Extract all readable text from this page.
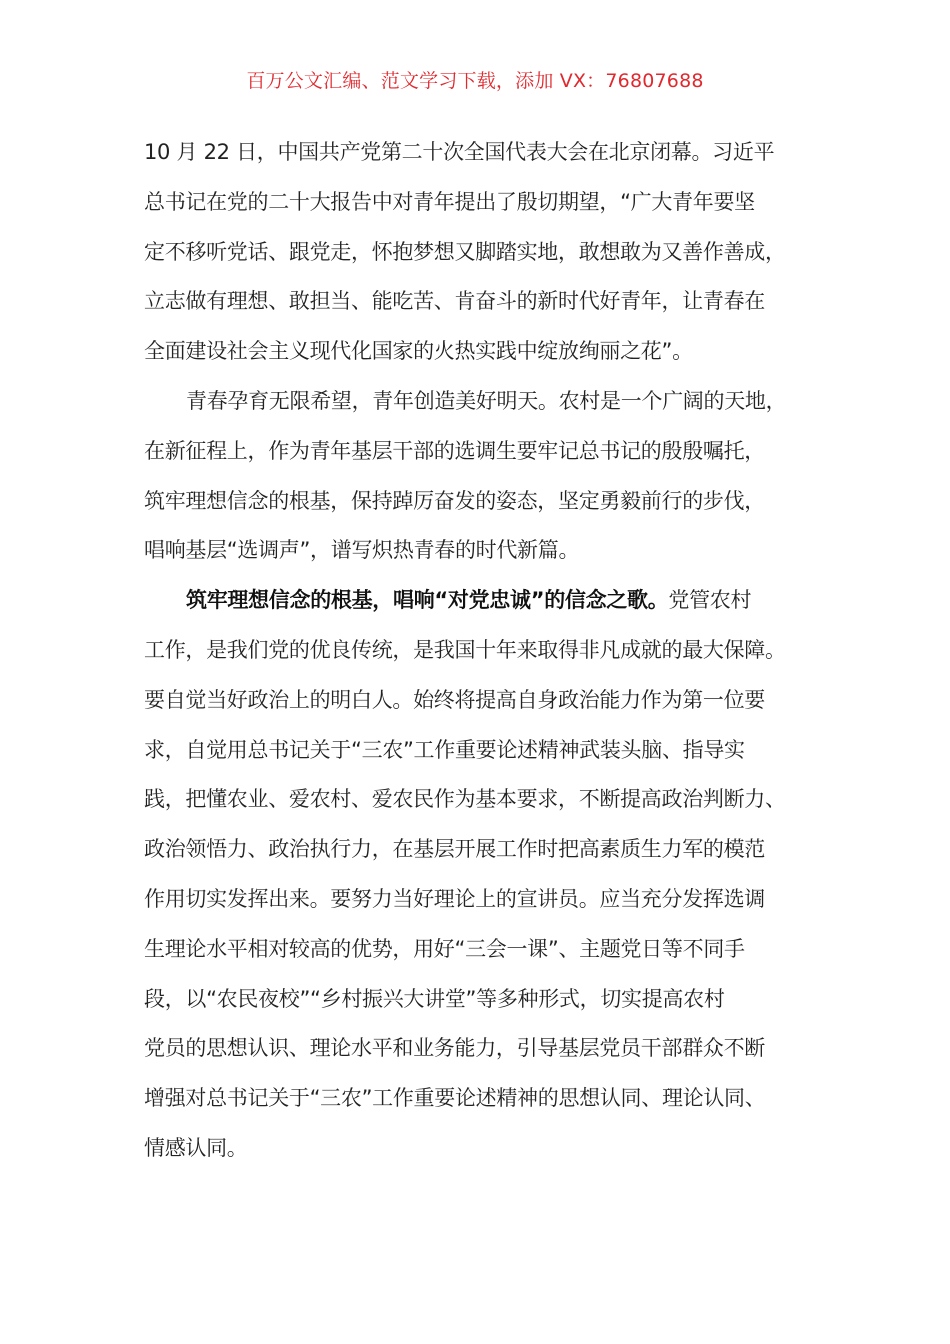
百万公文汇编、范文学习下载，添加 VX：76807688
10 月 22 日，中国共产党第二十次全国代表大会在北京闭幕。习近平
总书记在党的二十大报告中对青年提出了殷切期望，“广大青年要坚
定不移听党话、跟党走，怀抱梦想又脚踏实地，敢想敢为又善作善成，
立志做有理想、敢担当、能吃苦、肯奋斗的新时代好青年，让青春在
全面建设社会主义现代化国家的火热实践中绽放绚丽之花”。
青春孕育无限希望，青年创造美好明天。农村是一个广阔的天地，
在新征程上，作为青年基层干部的选调生要牢记总书记的殷殷嘱托，
筑牢理想信念的根基，保持踔厉奋发的姿态，坚定勇毅前行的步伐，
唱响基层“选调声”，谱写炽热青春的时代新篇。
筑牢理想信念的根基，唱响“对党忠诚”的信念之歌。党管农村
工作，是我们党的优良传统，是我国十年来取得非凡成就的最大保障。
要自觉当好政治上的明白人。始终将提高自身政治能力作为第一位要
求，自觉用总书记关于“三农”工作重要论述精神武装头脑、指导实
践，把懂农业、爱农村、爱农民作为基本要求，不断提高政治判断力、
政治领悟力、政治执行力，在基层开展工作时把高素质生力军的模范
作用切实发挥出来。要努力当好理论上的宣讲员。应当充分发挥选调
生理论水平相对较高的优势，用好“三会一课”、主题党日等不同手
段，以“农民夜校”“乡村振兴大讲堂”等多种形式，切实提高农村
党员的思想认识、理论水平和业务能力，引导基层党员干部群众不断
增强对总书记关于“三农”工作重要论述精神的思想认同、理论认同、
情感认同。
